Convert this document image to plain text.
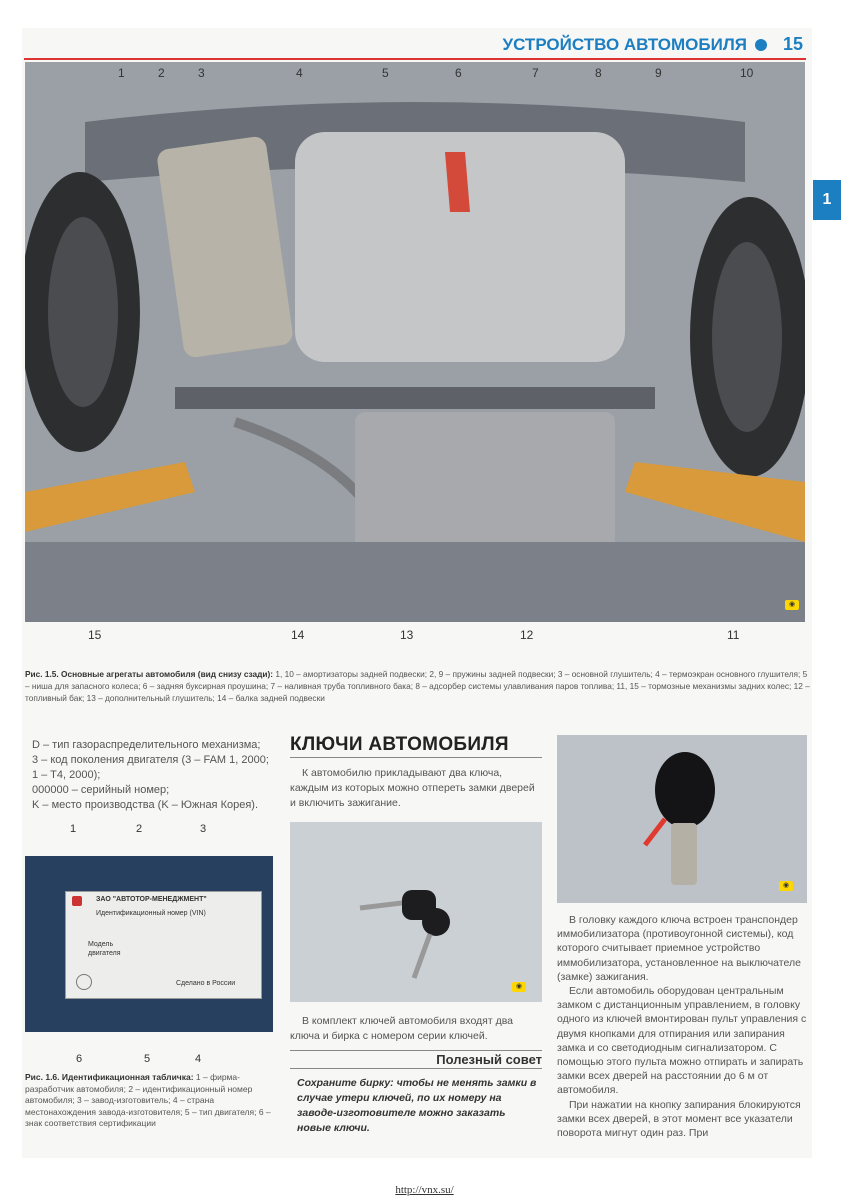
УСТРОЙСТВО АВТОМОБИЛЯ 15
1
1	2	3	4	5	6	7	8	9	10
15	14	13	12	11
◉
Рис. 1.5. Основные агрегаты автомобиля (вид снизу сзади): 1, 10 – амортизаторы задней подвески; 2, 9 – пружины задней подвески; 3 – основной глушитель; 4 – термоэкран основного глушителя; 5 – ниша для запасного колеса; 6 – задняя буксирная проушина; 7 – наливная труба топливного бака; 8 – адсорбер системы улавливания паров топлива; 11, 15 – тормозные механизмы задних колес; 12 – топливный бак; 13 – дополнительный глушитель; 14 – балка задней подвески
D – тип газораспределительного механизма;
3 – код поколения двигателя (3 – FAM 1, 2000; 1 – T4, 2000);
000000 – серийный номер;
K – место производства (K – Южная Корея).
1	2	3
ЗАО "АВТОТОР-МЕНЕДЖМЕНТ"
Идентификационный номер (VIN)
Модель двигателя
Сделано в России
6	5	4
Рис. 1.6. Идентификационная табличка: 1 – фирма-разработчик автомобиля; 2 – идентификационный номер автомобиля; 3 – завод-изготовитель; 4 – страна местонахождения завода-изготовителя; 5 – тип двигателя; 6 – знак соответствия сертификации
КЛЮЧИ АВТОМОБИЛЯ
К автомобилю прикладывают два ключа, каждым из которых можно отпереть замки дверей и включить зажигание.
◉
В комплект ключей автомобиля входят два ключа и бирка с номером серии ключей.
Полезный совет
Сохраните бирку: чтобы не менять замки в случае утери ключей, по их номеру на заводе-изготовителе можно заказать новые ключи.
◉

В головку каждого ключа встроен транспондер иммобилизатора (противоугонной системы), код которого считывает приемное устройство иммобилизатора, установленное на выключателе (замке) зажигания.

Если автомобиль оборудован центральным замком с дистанционным управлением, в головку одного из ключей вмонтирован пульт управления с двумя кнопками для отпирания или запирания замка и со светодиодным сигнализатором. С помощью этого пульта можно отпирать и запирать замки всех дверей на расстоянии до 6 м от автомобиля.

При нажатии на кнопку запирания блокируются замки всех дверей, в этот момент все указатели поворота мигнут один раз. При

http://vnx.su/
